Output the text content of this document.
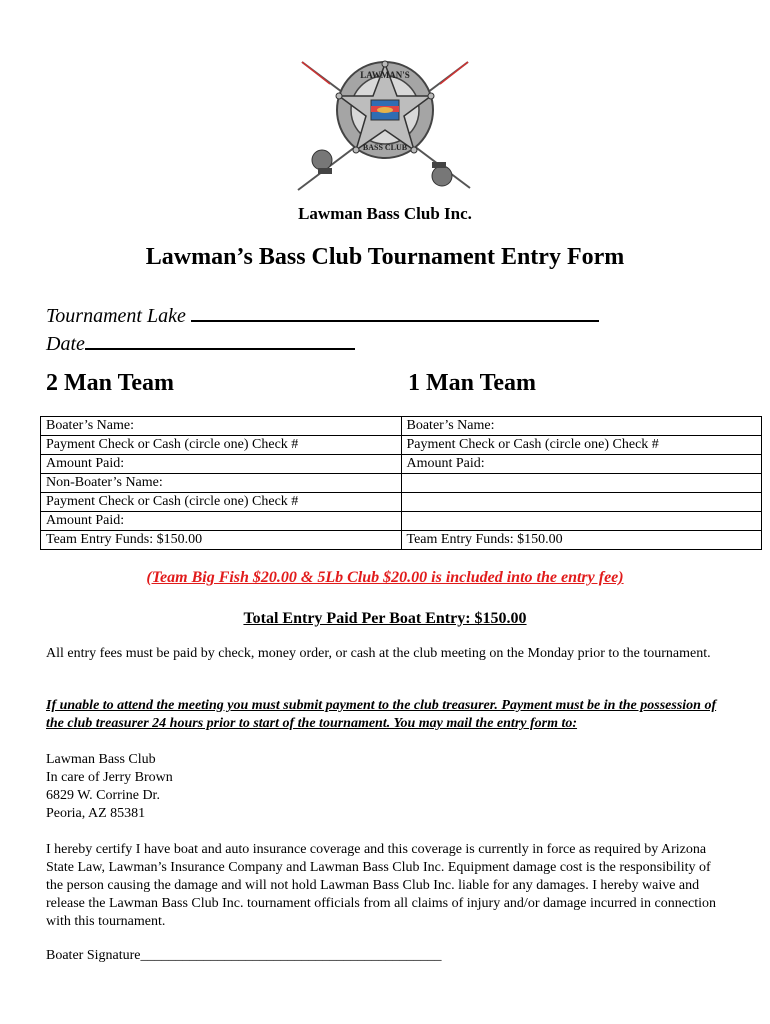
LAWMAN'S
BASS CLUB
Lawman Bass Club Inc.
Lawman’s Bass Club Tournament Entry Form
Tournament Lake
Date
2 Man Team	1 Man Team
Boater’s Name:	Boater’s Name:
Payment Check or Cash (circle one) Check #	Payment Check or Cash (circle one) Check #
Amount Paid:	Amount Paid:
Non-Boater’s Name:	
Payment Check or Cash (circle one) Check #	
Amount Paid:	
Team Entry Funds: $150.00	Team Entry Funds: $150.00
(Team Big Fish $20.00 & 5Lb Club $20.00 is included into the entry fee)
Total Entry Paid Per Boat Entry: $150.00
All entry fees must be paid by check, money order, or cash at the club meeting on the Monday prior to the tournament.
If unable to attend the meeting you must submit payment to the club treasurer. Payment must be in the possession of the club treasurer 24 hours prior to start of the tournament. You may mail the entry form to:
Lawman Bass Club
In care of Jerry Brown
6829 W. Corrine Dr.
Peoria, AZ 85381
I hereby certify I have boat and auto insurance coverage and this coverage is currently in force as required by Arizona State Law, Lawman’s Insurance Company and Lawman Bass Club Inc. Equipment damage cost is the responsibility of the person causing the damage and will not hold Lawman Bass Club Inc. liable for any damages. I hereby waive and release the Lawman Bass Club Inc. tournament officials from all claims of injury and/or damage incurred in connection with this tournament.
Boater Signature___________________________________________
